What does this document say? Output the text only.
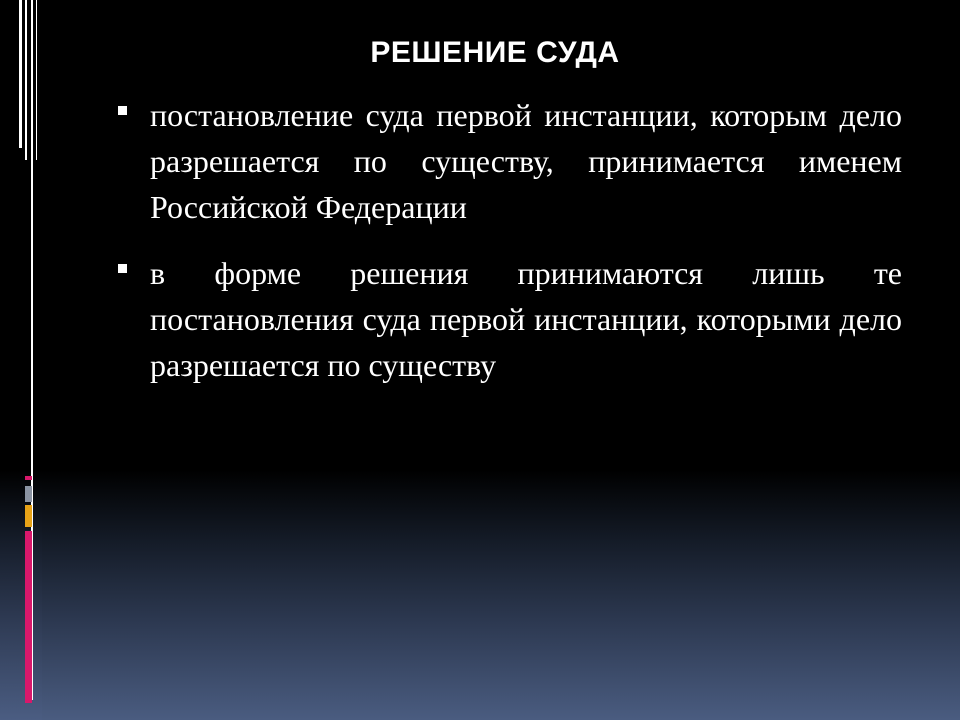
РЕШЕНИЕ СУДА
постановление суда первой инстанции, которым дело разрешается по существу, принимается именем Российской Федерации
в форме решения принимаются лишь те постановления суда первой инстанции, которыми дело разрешается по существу
